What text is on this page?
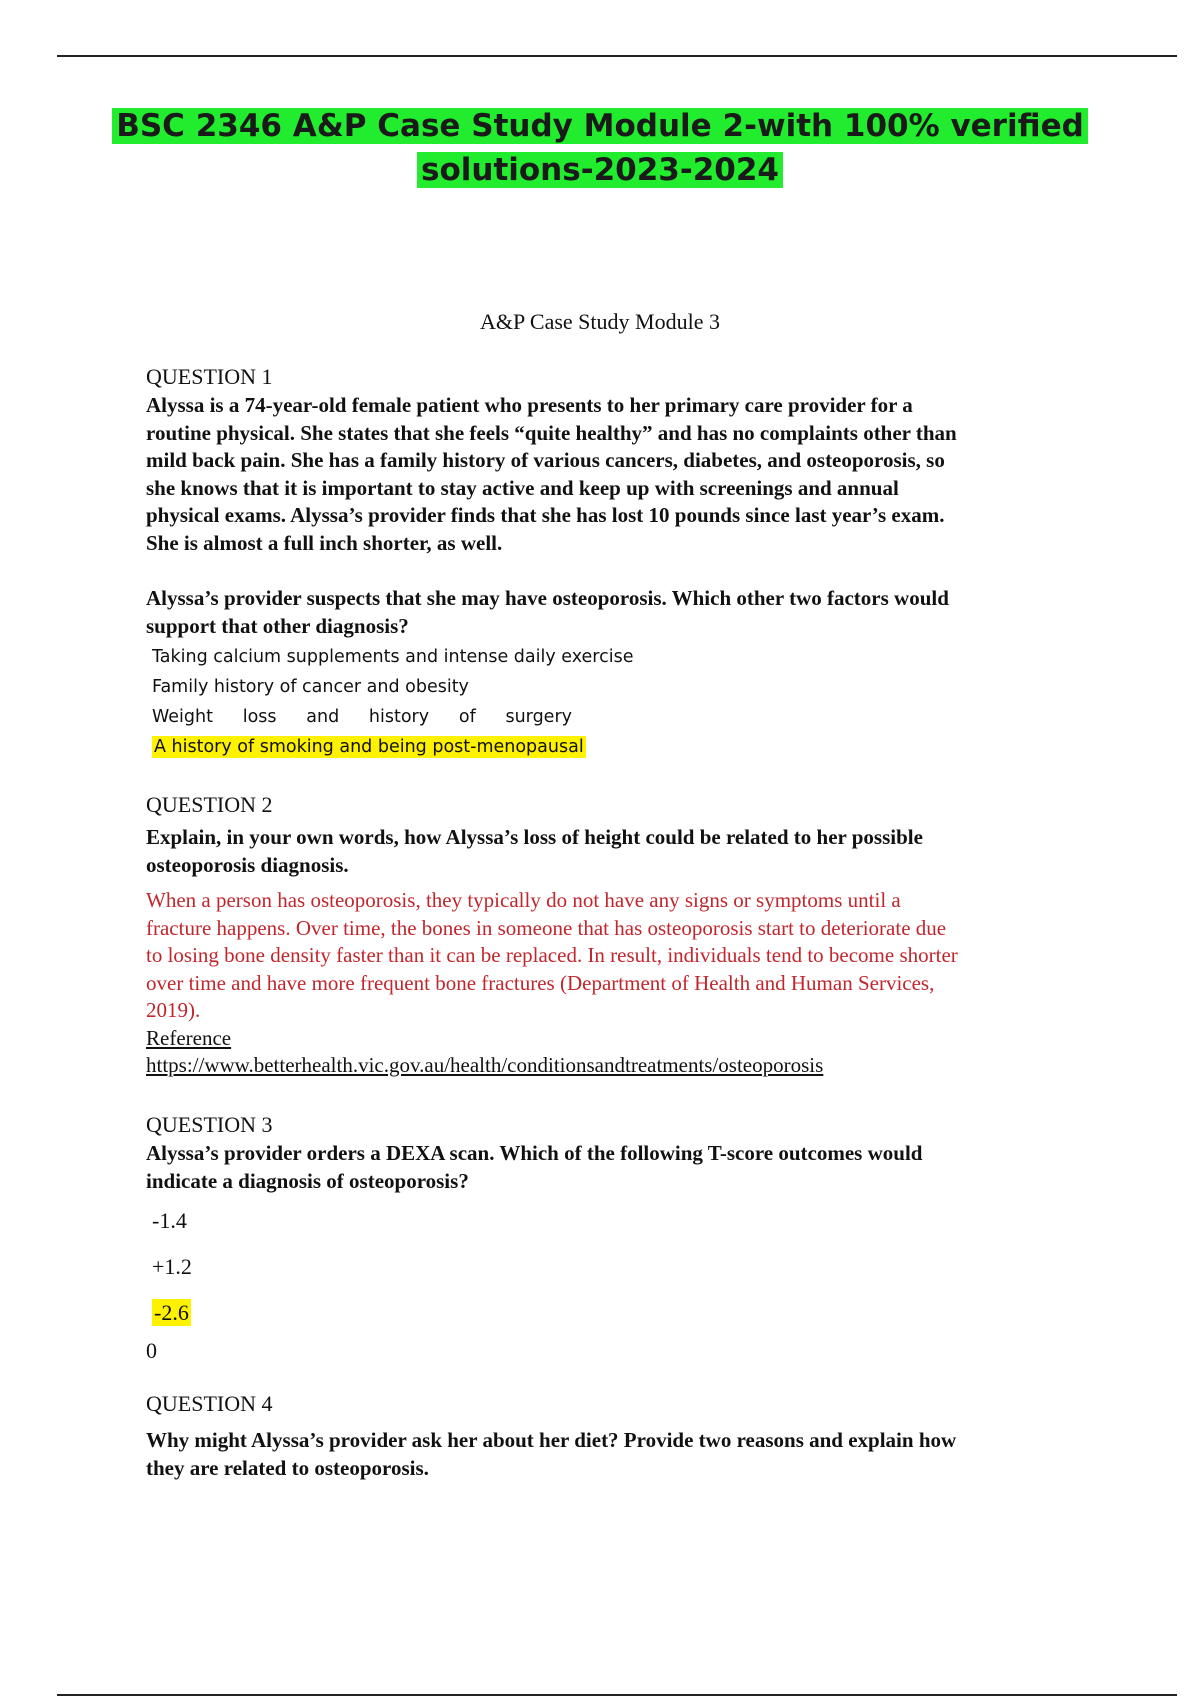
BSC 2346 A&P Case Study Module 2-with 100% verified
solutions-2023-2024
A&P Case Study Module 3

QUESTION 1

Alyssa is a 74-year-old female patient who presents to her primary care provider for a

routine physical. She states that she feels “quite healthy” and has no complaints other than

mild back pain. She has a family history of various cancers, diabetes, and osteoporosis, so

she knows that it is important to stay active and keep up with screenings and annual

physical exams. Alyssa’s provider finds that she has lost 10 pounds since last year’s exam.

She is almost a full inch shorter, as well.

Alyssa’s provider suspects that she may have osteoporosis. Which other two factors would

support that other diagnosis?

Taking calcium supplements and intense daily exercise
Family history of cancer and obesity
Weight loss and history of surgery
A history of smoking and being post-menopausal

QUESTION 2

Explain, in your own words, how Alyssa’s loss of height could be related to her possible

osteoporosis diagnosis.

When a person has osteoporosis, they typically do not have any signs or symptoms until a
fracture happens. Over time, the bones in someone that has osteoporosis start to deteriorate due
to losing bone density faster than it can be replaced. In result, individuals tend to become shorter
over time and have more frequent bone fractures (Department of Health and Human Services,
2019).
Reference
https://www.betterhealth.vic.gov.au/health/conditionsandtreatments/osteoporosis

QUESTION 3

Alyssa’s provider orders a DEXA scan. Which of the following T-score outcomes would

indicate a diagnosis of osteoporosis?

-1.4
+1.2
-2.6
0

QUESTION 4

Why might Alyssa’s provider ask her about her diet? Provide two reasons and explain how

they are related to osteoporosis.
